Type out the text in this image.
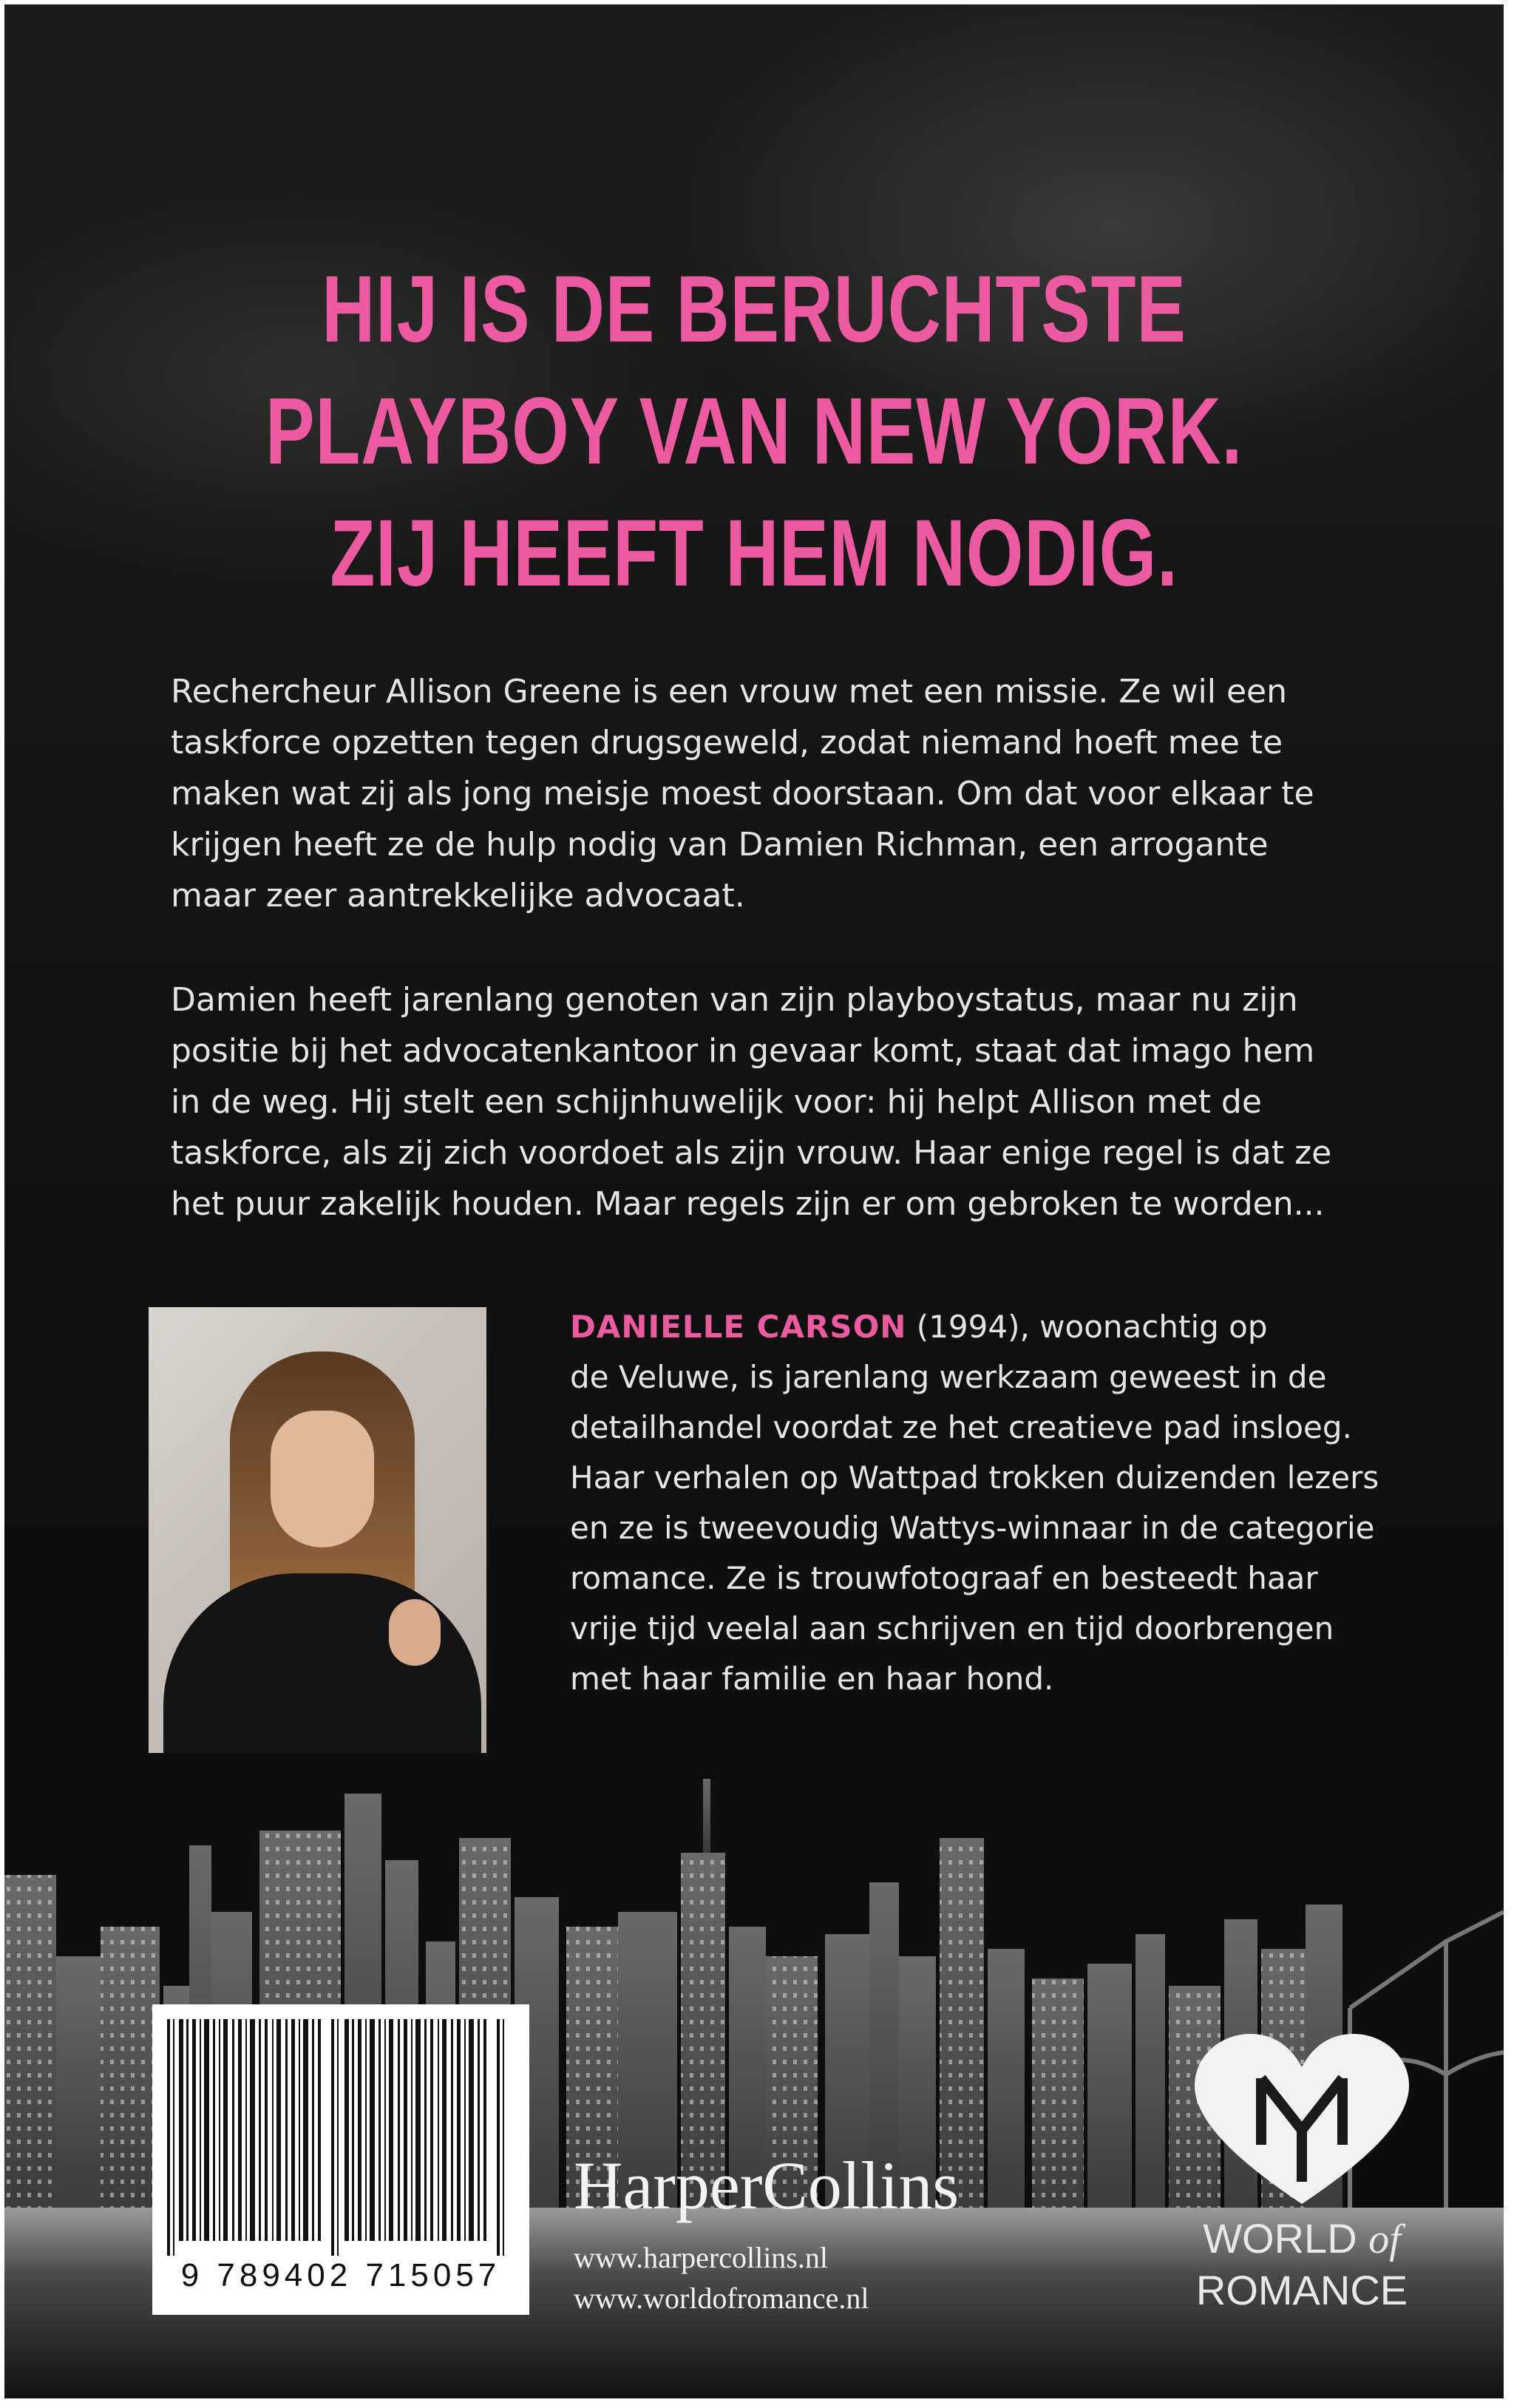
HIJ IS DE BERUCHTSTE
PLAYBOY VAN NEW YORK.
ZIJ HEEFT HEM NODIG.
Rechercheur Allison Greene is een vrouw met een missie. Ze wil een
taskforce opzetten tegen drugsgeweld, zodat niemand hoeft mee te
maken wat zij als jong meisje moest doorstaan. Om dat voor elkaar te
krijgen heeft ze de hulp nodig van Damien Richman, een arrogante
maar zeer aantrekkelijke advocaat.
Damien heeft jarenlang genoten van zijn playboystatus, maar nu zijn
positie bij het advocatenkantoor in gevaar komt, staat dat imago hem
in de weg. Hij stelt een schijnhuwelijk voor: hij helpt Allison met de
taskforce, als zij zich voordoet als zijn vrouw. Haar enige regel is dat ze
het puur zakelijk houden. Maar regels zijn er om gebroken te worden...
DANIELLE CARSON (1994), woonachtig op
de Veluwe, is jarenlang werkzaam geweest in de
detailhandel voordat ze het creatieve pad insloeg.
Haar verhalen op Wattpad trokken duizenden lezers
en ze is tweevoudig Wattys-winnaar in de categorie
romance. Ze is trouwfotograaf en besteedt haar
vrije tijd veelal aan schrijven en tijd doorbrengen
met haar familie en haar hond.
9 789402 715057
HarperCollins
www.harpercollins.nl
www.worldofromance.nl
WORLD of
ROMANCE
